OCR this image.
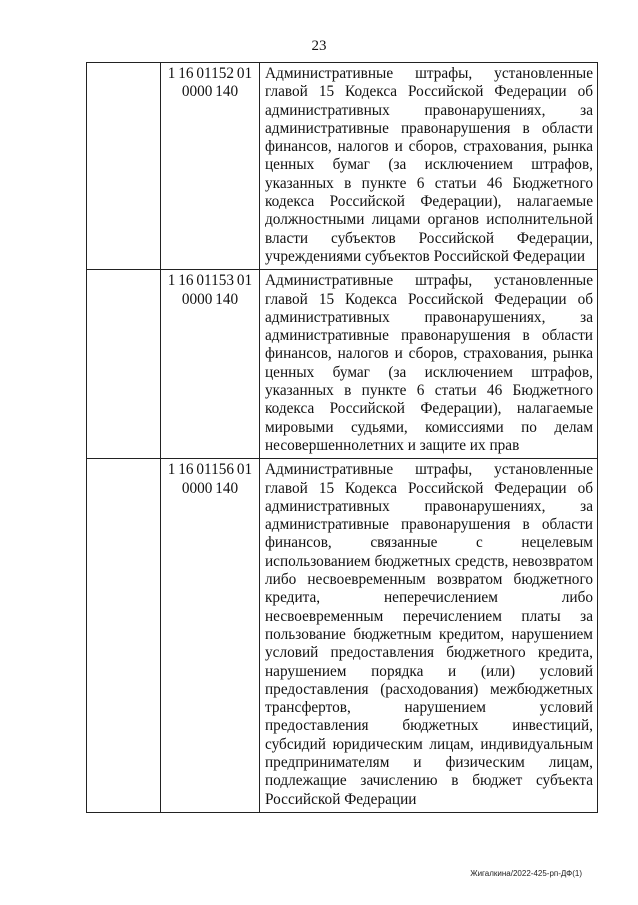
23
	1 16 01152 01 0000 140	Административные штрафы, установленные главой 15 Кодекса Российской Федерации об административных правонарушениях, за административные правонарушения в области финансов, налогов и сборов, страхования, рынка ценных бумаг (за исключением штрафов, указанных в пункте 6 статьи 46 Бюджетного кодекса Российской Федерации), налагаемые должностными лицами органов исполнительной власти субъектов Российской Федерации, учреждениями субъектов Российской Федерации
	1 16 01153 01 0000 140	Административные штрафы, установленные главой 15 Кодекса Российской Федерации об административных правонарушениях, за административные правонарушения в области финансов, налогов и сборов, страхования, рынка ценных бумаг (за исключением штрафов, указанных в пункте 6 статьи 46 Бюджетного кодекса Российской Федерации), налагаемые мировыми судьями, комиссиями по делам несовершеннолетних и защите их прав
	1 16 01156 01 0000 140	Административные штрафы, установленные главой 15 Кодекса Российской Федерации об административных правонарушениях, за административные правонарушения в области финансов, связанные с нецелевым использованием бюджетных средств, невозвратом либо несвоевременным возвратом бюджетного кредита, неперечислением либо несвоевременным перечислением платы за пользование бюджетным кредитом, нарушением условий предоставления бюджетного кредита, нарушением порядка и (или) условий предоставления (расходования) межбюджетных трансфертов, нарушением условий предоставления бюджетных инвестиций, субсидий юридическим лицам, индивидуальным предпринимателям и физическим лицам, подлежащие зачислению в бюджет субъекта Российской Федерации
Жигалкина/2022-425-рп-ДФ(1)
